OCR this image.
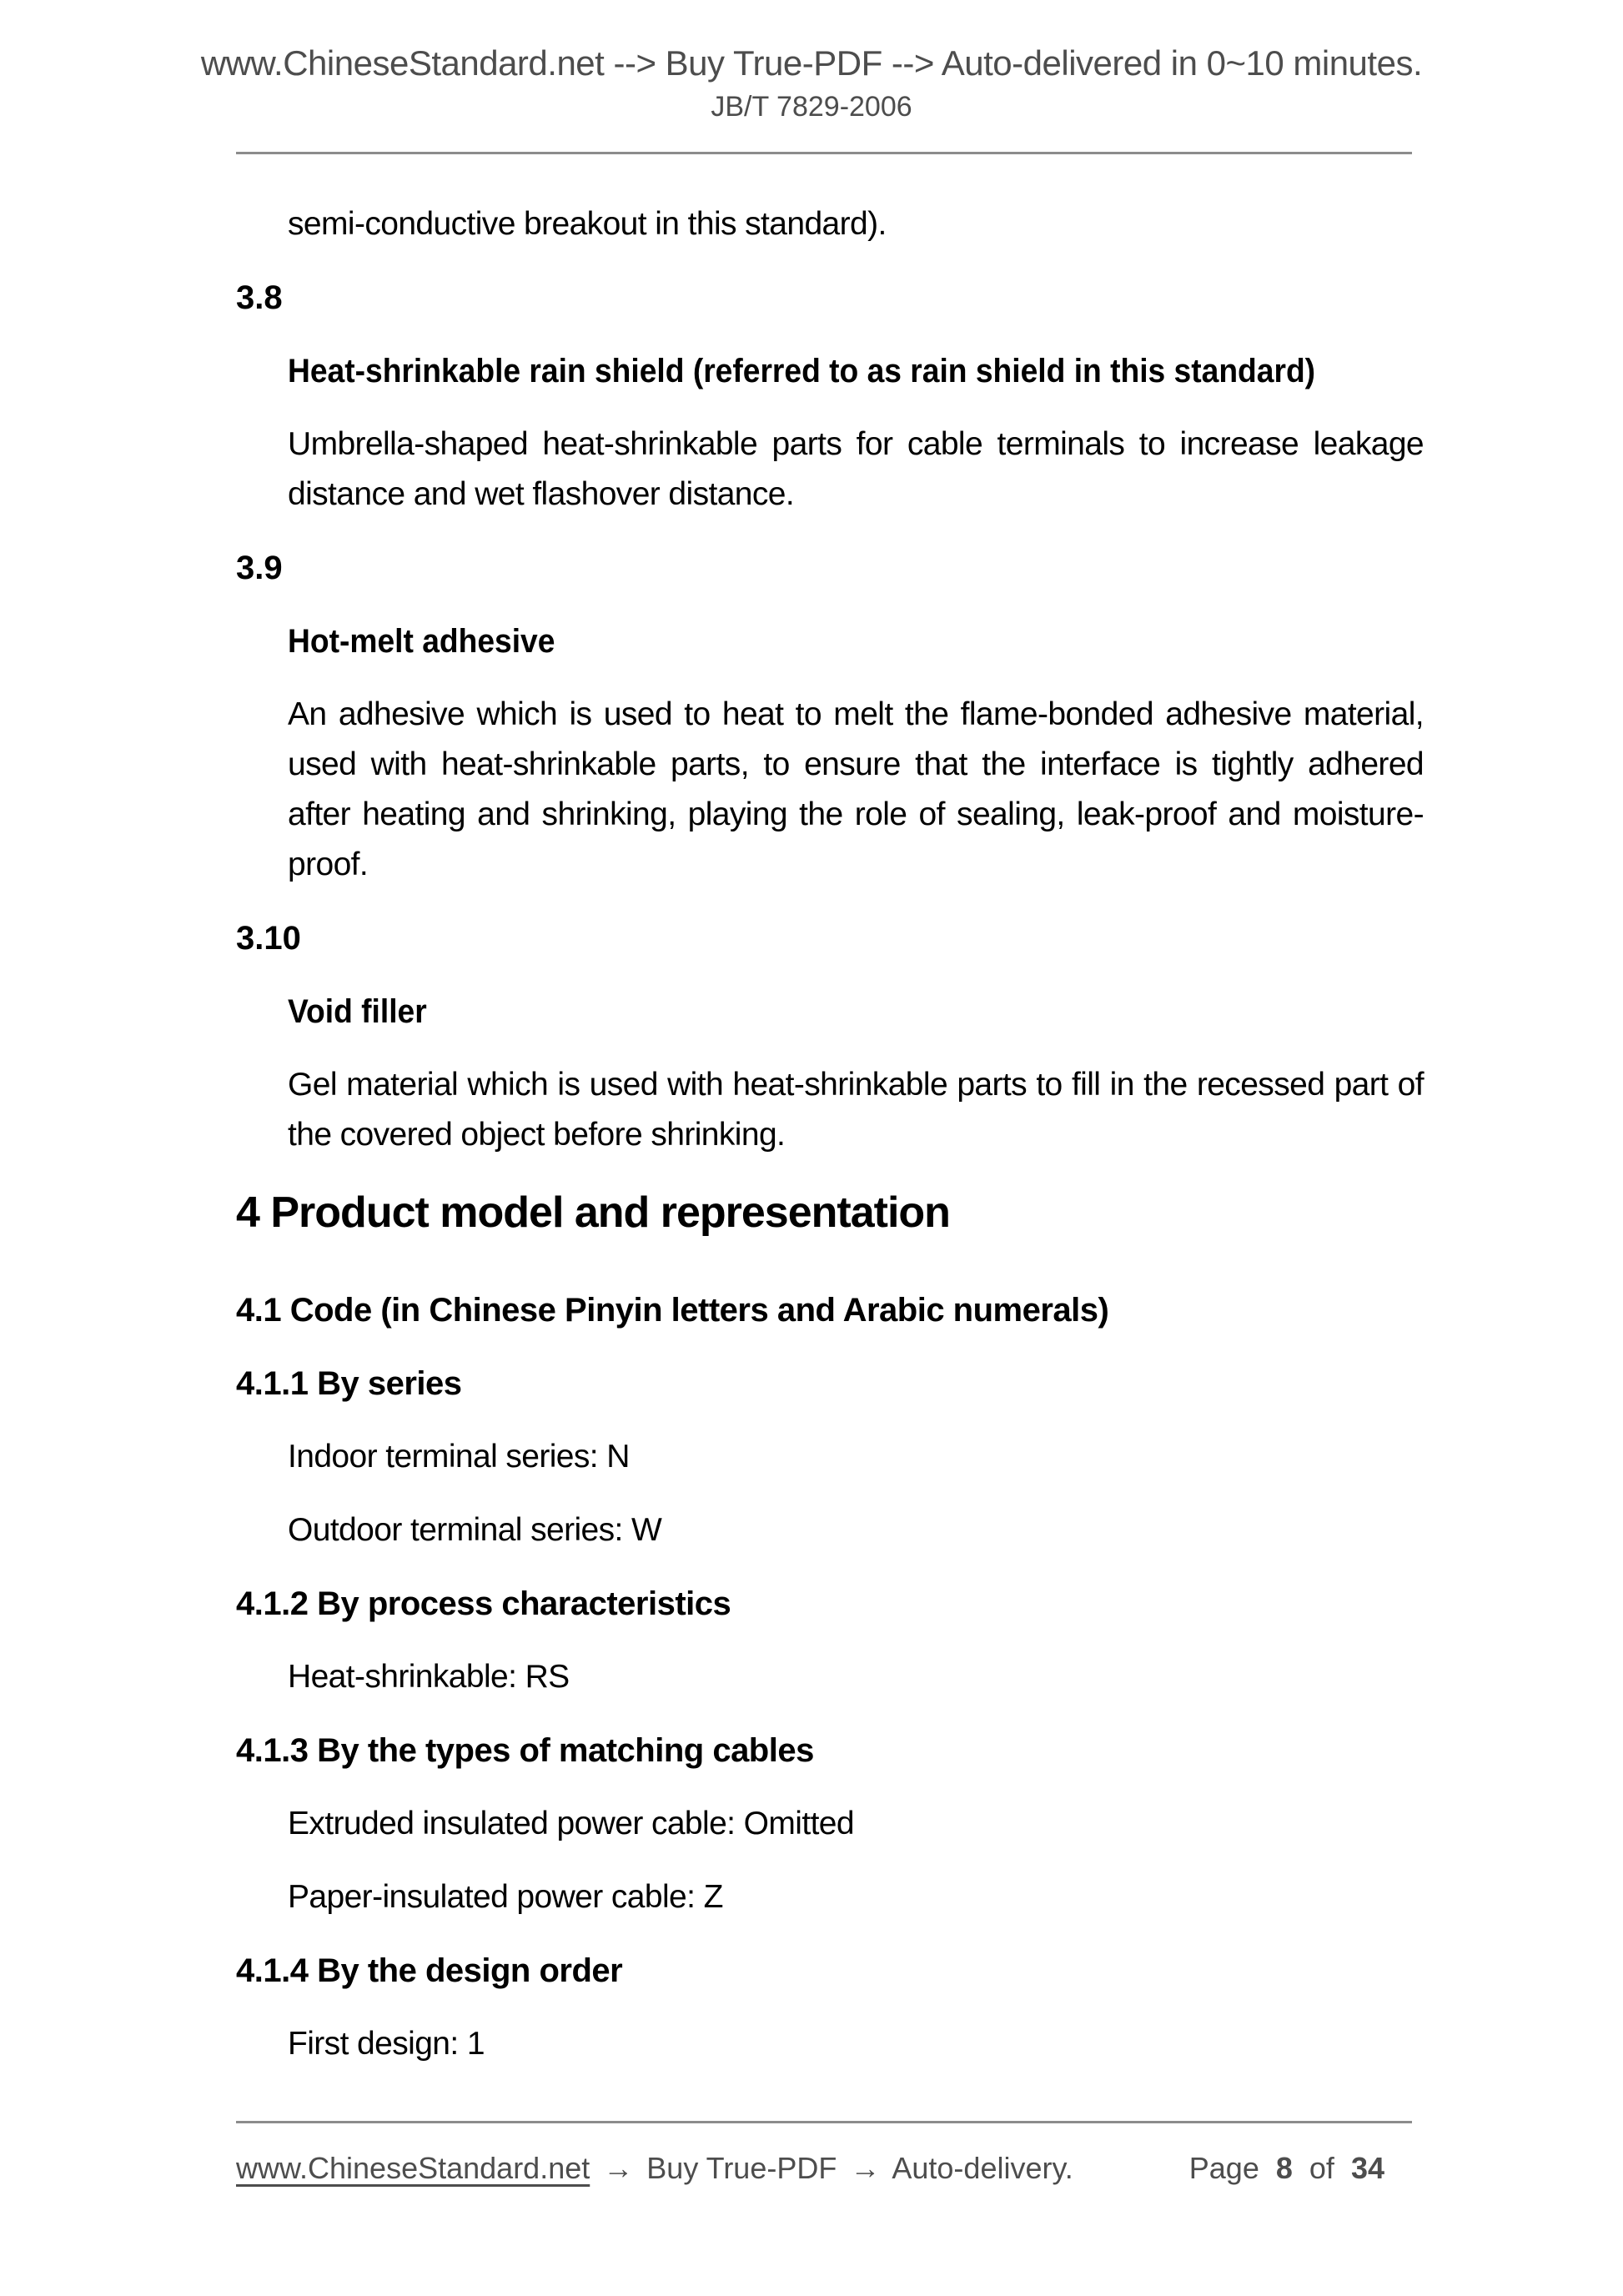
www.ChineseStandard.net --> Buy True-PDF --> Auto-delivered in 0~10 minutes.
JB/T 7829-2006
semi-conductive breakout in this standard).
3.8
Heat-shrinkable rain shield (referred to as rain shield in this standard)
Umbrella-shaped heat-shrinkable parts for cable terminals to increase leakage distance and wet flashover distance.
3.9
Hot-melt adhesive
An adhesive which is used to heat to melt the flame-bonded adhesive material, used with heat-shrinkable parts, to ensure that the interface is tightly adhered after heating and shrinking, playing the role of sealing, leak-proof and moisture-proof.
3.10
Void filler
Gel material which is used with heat-shrinkable parts to fill in the recessed part of the covered object before shrinking.
4 Product model and representation
4.1 Code (in Chinese Pinyin letters and Arabic numerals)
4.1.1 By series
Indoor terminal series: N
Outdoor terminal series: W
4.1.2 By process characteristics
Heat-shrinkable: RS
4.1.3 By the types of matching cables
Extruded insulated power cable: Omitted
Paper-insulated power cable: Z
4.1.4 By the design order
First design: 1
www.ChineseStandard.net → Buy True-PDF → Auto-delivery.	Page 8 of 34
